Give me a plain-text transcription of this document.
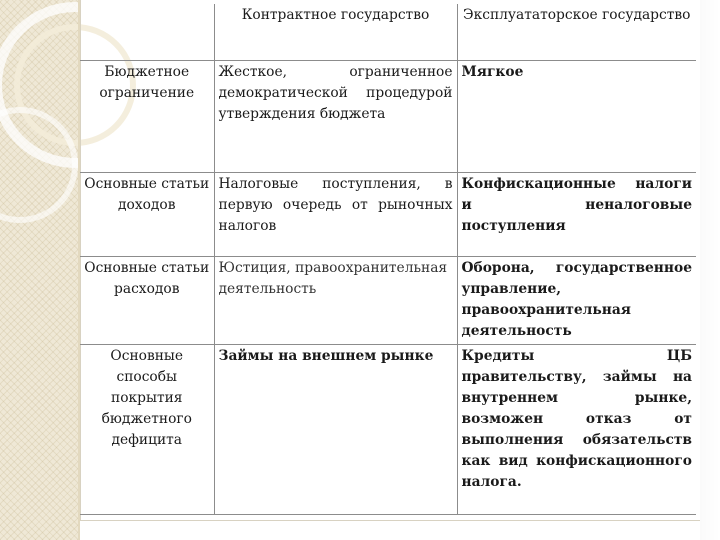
	Контрактное государство	Эксплуататорское государство
Бюджетное ограничение	Жесткое, ограниченное демократической процедурой утверждения бюджета	Мягкое
Основные статьи доходов	Налоговые поступления, в первую очередь от рыночных налогов	Конфискационные налоги и неналоговые поступления
Основные статьи расходов	Юстиция, правоохранительная деятельность	Оборона, государственное управление, правоохранительная деятельность
Основные способы покрытия бюджетного дефицита	Займы на внешнем рынке	Кредиты ЦБ правительству, займы на внутреннем рынке, возможен отказ от выполнения обязательств как вид конфискационного налога.
